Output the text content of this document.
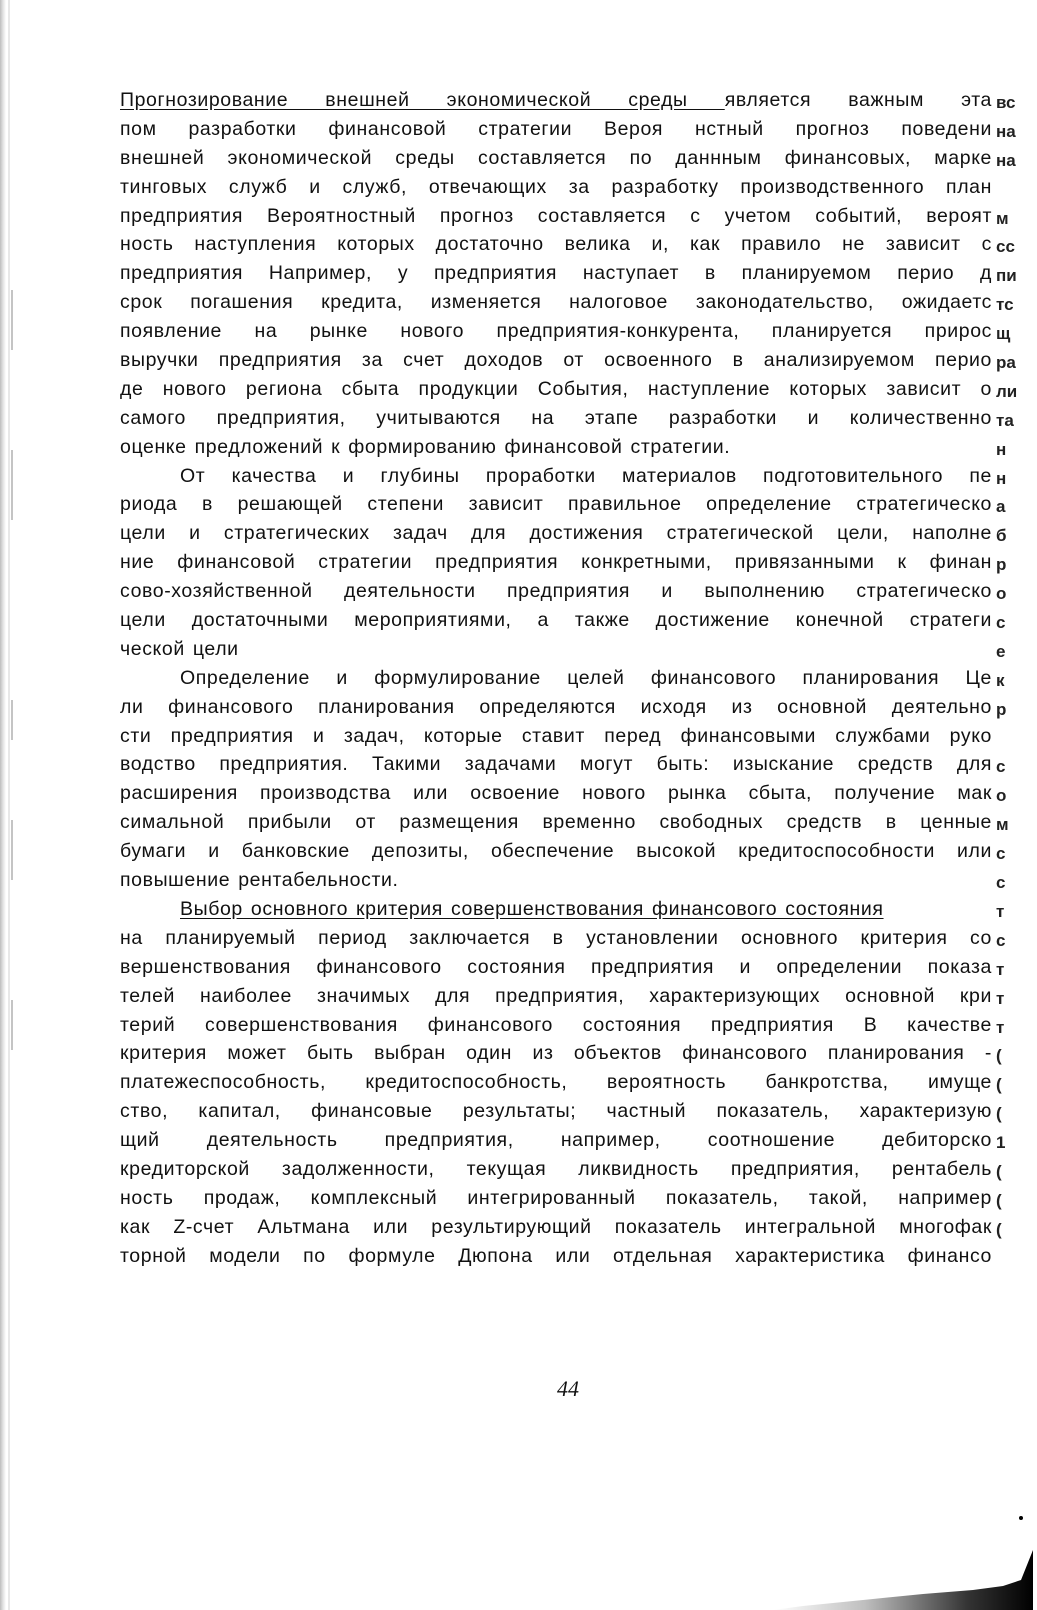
Прогнозирование внешней экономической среды является важным эта
пом разработки финансовой стратегии Вероя нстный прогноз поведени
внешней экономической среды составляется по даннным финансовых, марке
тинговых служб и служб, отвечающих за разработку производственного план
предприятия Вероятностный прогноз составляется с учетом событий, вероят
ность наступления которых достаточно велика и, как правило не зависит с
предприятия Например, у предприятия наступает в планируемом перио д
срок погашения кредита, изменяется налоговое законодательство, ожидаетс
появление на рынке нового предприятия-конкурента, планируется прирос
выручки предприятия за счет доходов от освоенного в анализируемом перио
де нового региона сбыта продукции События, наступление которых зависит о
самого предприятия, учитываются на этапе разработки и количественно
оценке предложений к формированию финансовой стратегии.
От качества и глубины проработки материалов подготовительного пе
риода в решающей степени зависит правильное определение стратегическо
цели и стратегических задач для достижения стратегической цели, наполне
ние финансовой стратегии предприятия конкретными, привязанными к финан
сово-хозяйственной деятельности предприятия и выполнению стратегическо
цели достаточными мероприятиями, а также достижение конечной стратеги
ческой цели
Определение и формулирование целей финансового планирования Це
ли финансового планирования определяются исходя из основной деятельно
сти предприятия и задач, которые ставит перед финансовыми службами руко
водство предприятия. Такими задачами могут быть: изыскание средств для
расширения производства или освоение нового рынка сбыта, получение мак
симальной прибыли от размещения временно свободных средств в ценные
бумаги и банковские депозиты, обеспечение высокой кредитоспособности или
повышение рентабельности.
Выбор основного критерия совершенствования финансового состояния
на планируемый период заключается в установлении основного критерия со
вершенствования финансового состояния предприятия и определении показа
телей наиболее значимых для предприятия, характеризующих основной кри
терий совершенствования финансового состояния предприятия В качестве
критерия может быть выбран один из объектов финансового планирования -
платежеспособность, кредитоспособность, вероятность банкротства, имуще
ство, капитал, финансовые результаты; частный показатель, характеризую
щий деятельность предприятия, например, соотношение дебиторско
кредиторской задолженности, текущая ликвидность предприятия, рентабель
ность продаж, комплексный интегрированный показатель, такой, например
как Z-счет Альтмана или результирующий показатель интегральной многофак
торной модели по формуле Дюпона или отдельная характеристика финансо
вс
на
на
м
сс
пи
тс
щ
ра
ли
та
н
н
а
б
р
о
с
е
к
р
с
о
м
с
с
т
с
т
т
т
(
(
(
1
(
(
(
44
